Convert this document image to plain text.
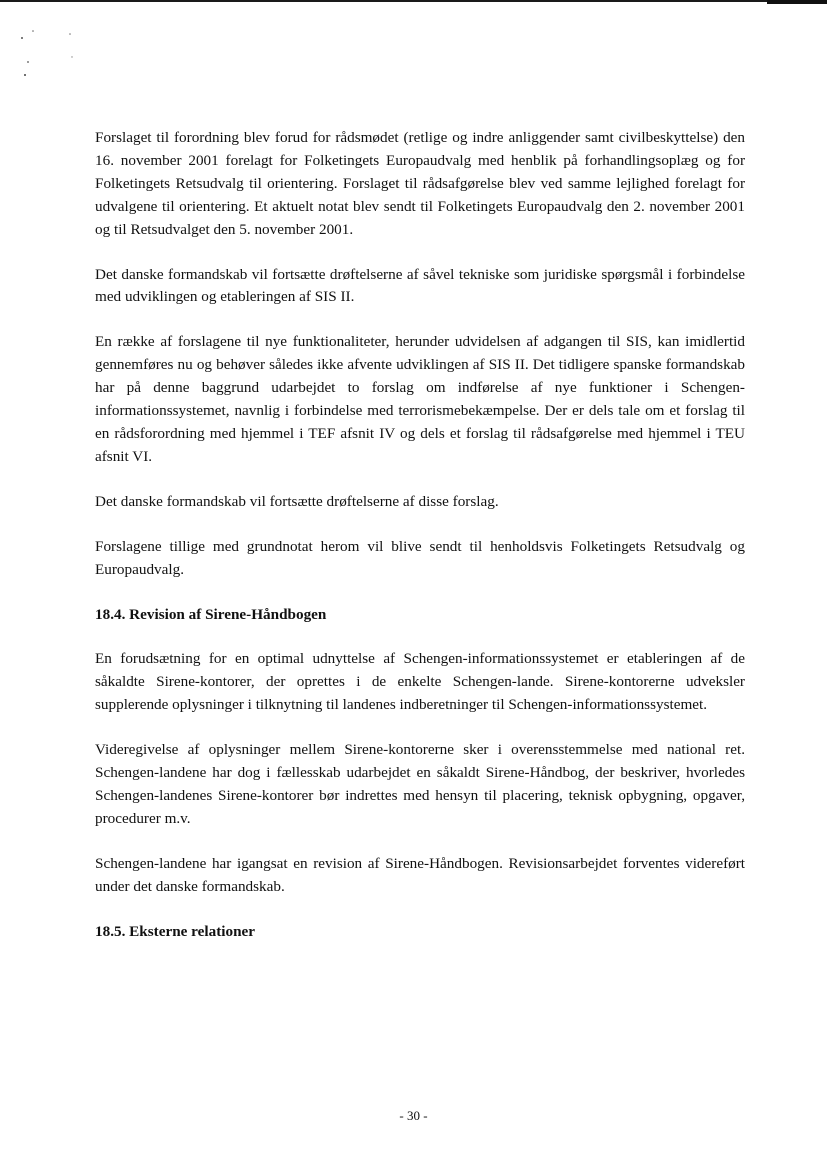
Forslaget til forordning blev forud for rådsmødet (retlige og indre anliggender samt civilbeskyttelse) den 16. november 2001 forelagt for Folketingets Europaudvalg med henblik på forhandlingsoplæg og for Folketingets Retsudvalg til orientering. Forslaget til rådsafgørelse blev ved samme lejlighed forelagt for udvalgene til orientering. Et aktuelt notat blev sendt til Folketingets Europaudvalg den 2. november 2001 og til Retsudvalget den 5. november 2001.

Det danske formandskab vil fortsætte drøftelserne af såvel tekniske som juridiske spørgsmål i forbindelse med udviklingen og etableringen af SIS II.

En række af forslagene til nye funktionaliteter, herunder udvidelsen af adgangen til SIS, kan imidlertid gennemføres nu og behøver således ikke afvente udviklingen af SIS II. Det tidligere spanske formandskab har på denne baggrund udarbejdet to forslag om indførelse af nye funktioner i Schengen-informationssystemet, navnlig i forbindelse med terrorismebekæmpelse. Der er dels tale om et forslag til en rådsforordning med hjemmel i TEF afsnit IV og dels et forslag til rådsafgørelse med hjemmel i TEU afsnit VI.

Det danske formandskab vil fortsætte drøftelserne af disse forslag.

Forslagene tillige med grundnotat herom vil blive sendt til henholdsvis Folketingets Retsudvalg og Europaudvalg.

18.4. Revision af Sirene-Håndbogen

En forudsætning for en optimal udnyttelse af Schengen-informationssystemet er etableringen af de såkaldte Sirene-kontorer, der oprettes i de enkelte Schengen-lande. Sirene-kontorerne udveksler supplerende oplysninger i tilknytning til landenes indberetninger til Schengen-informationssystemet.

Videregivelse af oplysninger mellem Sirene-kontorerne sker i overensstemmelse med national ret. Schengen-landene har dog i fællesskab udarbejdet en såkaldt Sirene-Håndbog, der beskriver, hvorledes Schengen-landenes Sirene-kontorer bør indrettes med hensyn til placering, teknisk opbygning, opgaver, procedurer m.v.

Schengen-landene har igangsat en revision af Sirene-Håndbogen. Revisionsarbejdet forventes videreført under det danske formandskab.

18.5. Eksterne relationer
- 30 -
